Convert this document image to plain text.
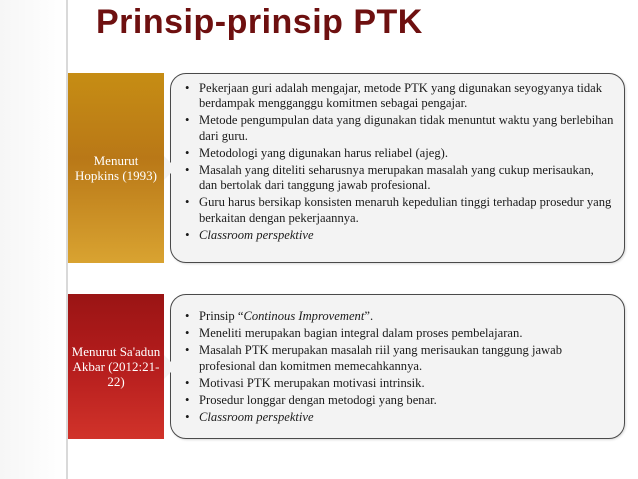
Prinsip-prinsip PTK
Menurut Hopkins (1993)
• Pekerjaan guri adalah mengajar, metode PTK yang digunakan seyogyanya tidak berdampak mengganggu komitmen sebagai pengajar.
• Metode pengumpulan data yang digunakan tidak menuntut waktu yang berlebihan dari guru.
• Metodologi yang digunakan harus reliabel (ajeg).
• Masalah yang diteliti seharusnya merupakan masalah yang cukup merisaukan, dan bertolak dari tanggung jawab profesional.
• Guru harus bersikap konsisten menaruh kepedulian tinggi terhadap prosedur yang berkaitan dengan pekerjaannya.
• Classroom perspektive
Menurut Sa'adun Akbar (2012:21-22)
• Prinsip “Continous Improvement”.
• Meneliti merupakan bagian integral dalam proses pembelajaran.
• Masalah PTK merupakan masalah riil yang merisaukan tanggung jawab profesional dan komitmen memecahkannya.
• Motivasi PTK merupakan motivasi intrinsik.
• Prosedur longgar dengan metodogi yang benar.
• Classroom perspektive
